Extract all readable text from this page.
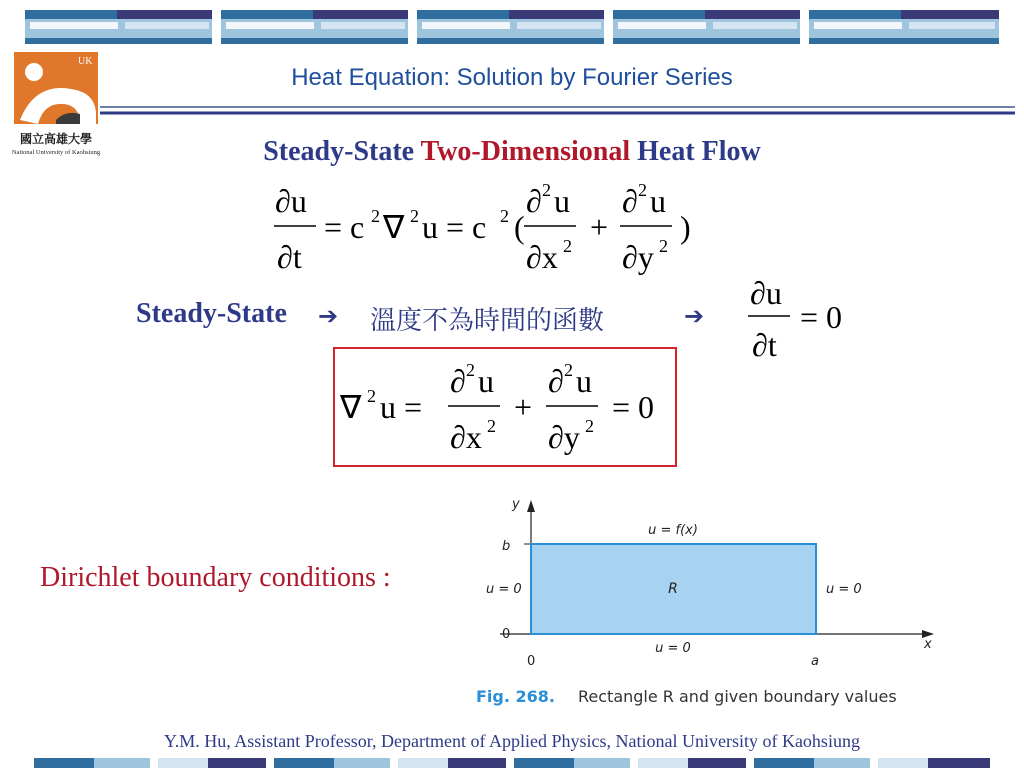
UK
國立高雄大學
National University of Kaohsiung
Heat Equation: Solution by Fourier Series
Steady-State Two-Dimensional Heat Flow
∂u
∂t
= c 2 ∇ 2 u = c 2 (
∂ 2 u
∂x 2
+
∂ 2 u
∂y 2
)
Steady-State ➔ 溫度不為時間的函數	➔
∂u
∂t
= 0
∇ 2 u =
∂ 2 u
∂x 2
+
∂ 2 u
∂y 2
= 0
Dirichlet boundary conditions :
y
x
b
0
0	a
u = f(x)
u = 0	u = 0
u = 0
R
Fig. 268. Rectangle R and given boundary values
Y.M. Hu, Assistant Professor, Department of Applied Physics, National University of Kaohsiung
